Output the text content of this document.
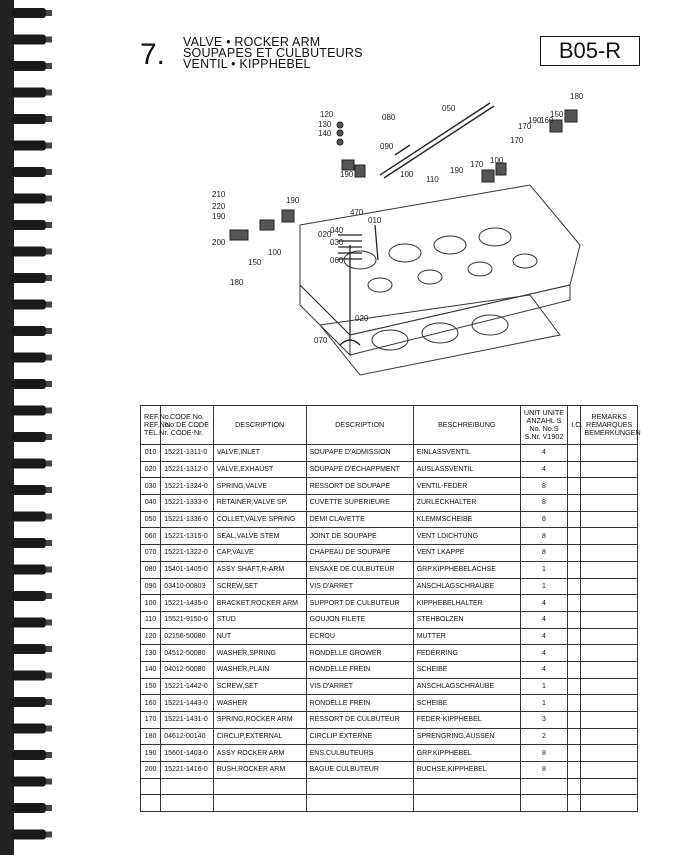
7. VALVE • ROCKER ARM
SOUPAPES ET CULBUTEURS
VENTIL • KIPPHEBEL
B05-R
120
130
140
080
050
090
100
110
190
180
170
190
160
150
170
210
220
190
200
190
180
150
100
470
010
040
030
020
060
020
070
190
170 100
REF.No. REF.No. TEL.Nr.	CODE No. No.DE CODE CODE-Nr.	DESCRIPTION	DESCRIPTION	BESCHREIBUNG	UNIT UNITE ANZAHL S No. No.S S.Nr. V1902	I.C.	REMARKS REMARQUES BEMERKUNGEN
010	15221-1311-0	VALVE,INLET	SOUPAPE D'ADMISSION	EINLASSVENTIL	4		
020	15221-1312-0	VALVE,EXHAUST	SOUPAPE D'ECHAPPMENT	AUSLASSVENTIL	4		
030	15221-1324-0	SPRING,VALVE	RESSORT DE SOUPAPE	VENTIL-FEDER	8		
040	15221-1333-0	RETAINER,VALVE SP.	CUVETTE SUPERIEURE	ZURLECKHALTER	8		
050	15221-1336-0	COLLET,VALVE SPRING	DEMI CLAVETTE	KLEMMSCHEIBE	8		
060	15221-1315-0	SEAL,VALVE STEM	JOINT DE SOUPAPE	VENT LDICHTUNG	8		
070	15221-1322-0	CAP,VALVE	CHAPEAU DE SOUPAPE	VENT LKAPPE	8		
080	15401-1405-0	ASSY SHAFT,R-ARM	ENSAXE DE CULBUTEUR	GRP.KIPPHEBELACHSE	1		
090	03410-00803	SCREW,SET	VIS D'ARRET	ANSCHLAGSCHRAUBE	1		
100	15221-1435-0	BRACKET,ROCKER ARM	SUPPORT DE CULBUTEUR	KIPPHEBELHALTER	4		
110	15521-9150-0	STUD	GOUJON FILETE	STEHBOLZEN	4		
120	02156-50080	NUT	ECROU	MUTTER	4		
130	04512-50080	WASHER,SPRING	RONDELLE GROWER	FEDERRING	4		
140	04012-50080	WASHER,PLAIN	RONDELLE FREIN	SCHEIBE	4		
150	15221-1442-0	SCREW,SET	VIS D'ARRET	ANSCHLAGSCHRAUBE	1		
160	15221-1443-0	WASHER	RONDELLE FREIN	SCHEIBE	1		
170	15221-1431-0	SPRING,ROCKER ARM	RESSORT DE CULBUTEUR	FEDER-KIPPHEBEL	3		
180	04612-00140	CIRCLIP,EXTERNAL	CIRCLIP EXTERNE	SPRENGRING,AUSSEN	2		
190	15601-1403-0	ASSY ROCKER ARM	ENS.CULBUTEURS	GRP.KIPPHEBEL	8		
200	15221-1416-0	BUSH,ROCKER ARM	BAGUE CULBUTEUR	BUCHSE,KIPPHEBEL	8		
